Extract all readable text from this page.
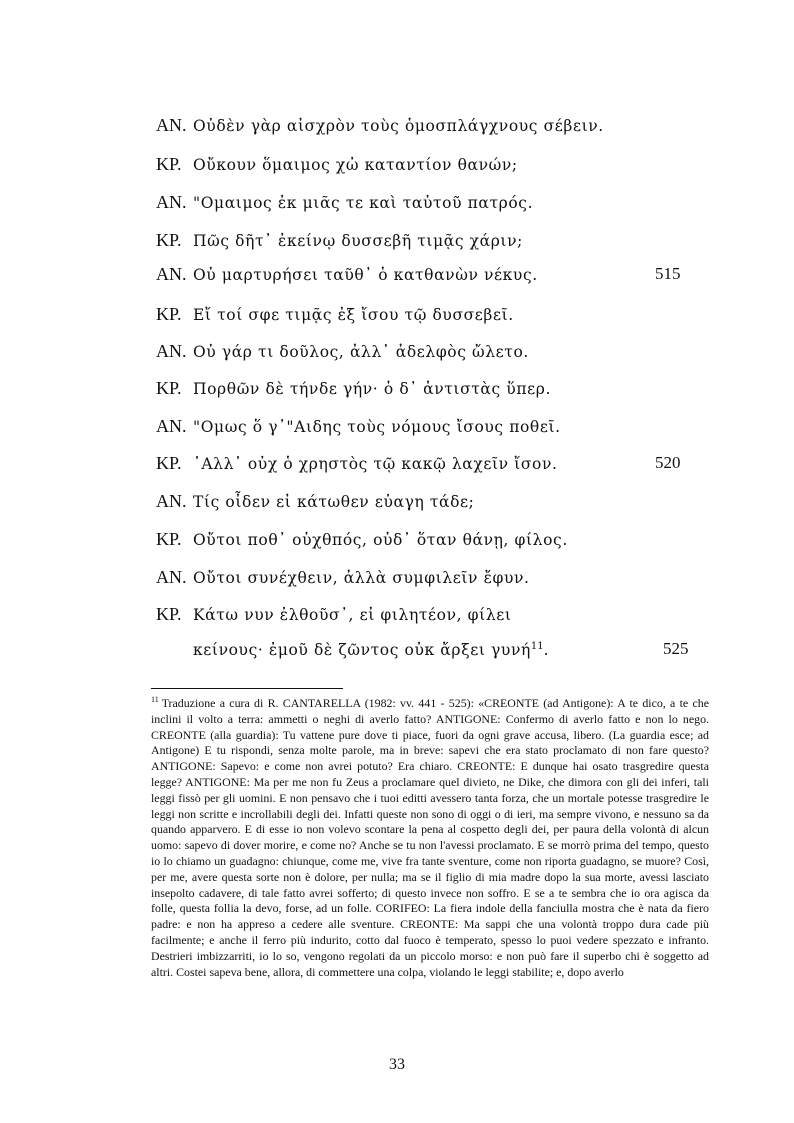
AN. Οὐδὲν γὰρ αἰσχρὸν τοὺς ὁμοσπλάγχνους σέβειν.
KP. Οὔκουν ὅμαιμος χὠ καταντίον θανών;
AN. "Ομαιμος ἐκ μιᾶς τε καὶ ταὐτοῦ πατρός.
KP. Πῶς δῆτ᾽ ἐκείνῳ δυσσεβῆ τιμᾷς χάριν;
AN. Οὐ μαρτυρήσει ταῦθ᾽ ὁ κατθανὼν νέκυς.	515
KP. Εἴ τοί σφε τιμᾷς ἐξ ἴσου τῷ δυσσεβεῖ.
AN. Οὐ γάρ τι δοῦλος, ἀλλ᾽ ἀδελφὸς ὤλετο.
KP. Πορθῶν δὲ τήνδε γήν· ὁ δ᾽ ἀντιστὰς ὕπερ.
AN. "Ομως ὅ γ᾽"Αιδης τοὺς νόμους ἴσους ποθεῖ.
KP. ᾽Αλλ᾽ οὐχ ὁ χρηστὸς τῷ κακῷ λαχεῖν ἴσον.	520
AN. Τίς οἶδεν εἰ κάτωθεν εὐαγη τάδε;
KP. Οὔτοι ποθ᾽ οὑχθπός, οὐδ᾽ ὅταν θάνῃ, φίλος.
AN. Οὔτοι συνέχθειν, ἀλλὰ συμφιλεῖν ἔφυν.
KP. Κάτω νυν ἐλθοῦσ᾽, εἰ φιλητέον, φίλει
κείνους· ἐμοῦ δὲ ζῶντος οὐκ ἄρξει γυνή$^{11}$.	525

$^{11}$ Traduzione a cura di R. CANTARELLA (1982: vv. 441 - 525): «CREONTE (ad Antigone): A te dico, a te che inclini il volto a terra: ammetti o neghi di averlo fatto? ANTIGONE: Confermo di averlo fatto e non lo nego. CREONTE (alla guardia): Tu vattene pure dove ti piace, fuori da ogni grave accusa, libero. (La guardia esce; ad Antigone) E tu rispondi, senza molte parole, ma in breve: sapevi che era stato proclamato di non fare questo? ANTIGONE: Sapevo: e come non avrei potuto? Era chiaro. CREONTE: E dunque hai osato trasgredire questa legge? ANTIGONE: Ma per me non fu Zeus a proclamare quel divieto, ne Dike, che dimora con gli dei inferi, tali leggi fissò per gli uomini. E non pensavo che i tuoi editti avessero tanta forza, che un mortale potesse trasgredire le leggi non scritte e incrollabili degli dei. Infatti queste non sono di oggi o di ieri, ma sempre vivono, e nessuno sa da quando apparvero. E di esse io non volevo scontare la pena al cospetto degli dei, per paura della volontà di alcun uomo: sapevo di dover morire, e come no? Anche se tu non l'avessi proclamato. E se morrò prima del tempo, questo io lo chiamo un guadagno: chiunque, come me, vive fra tante sventure, come non riporta guadagno, se muore? Così, per me, avere questa sorte non è dolore, per nulla; ma se il figlio di mia madre dopo la sua morte, avessi lasciato insepolto cadavere, di tale fatto avrei sofferto; di questo invece non soffro. E se a te sembra che io ora agisca da folle, questa follia la devo, forse, ad un folle. CORIFEO: La fiera indole della fanciulla mostra che è nata da fiero padre: e non ha appreso a cedere alle sventure. CREONTE: Ma sappi che una volontà troppo dura cade più facilmente; e anche il ferro più indurito, cotto dal fuoco è temperato, spesso lo puoi vedere spezzato e infranto. Destrieri imbizzarriti, io lo so, vengono regolati da un piccolo morso: e non può fare il superbo chi è soggetto ad altri. Costei sapeva bene, allora, di commettere una colpa, violando le leggi stabilite; e, dopo averlo

33
